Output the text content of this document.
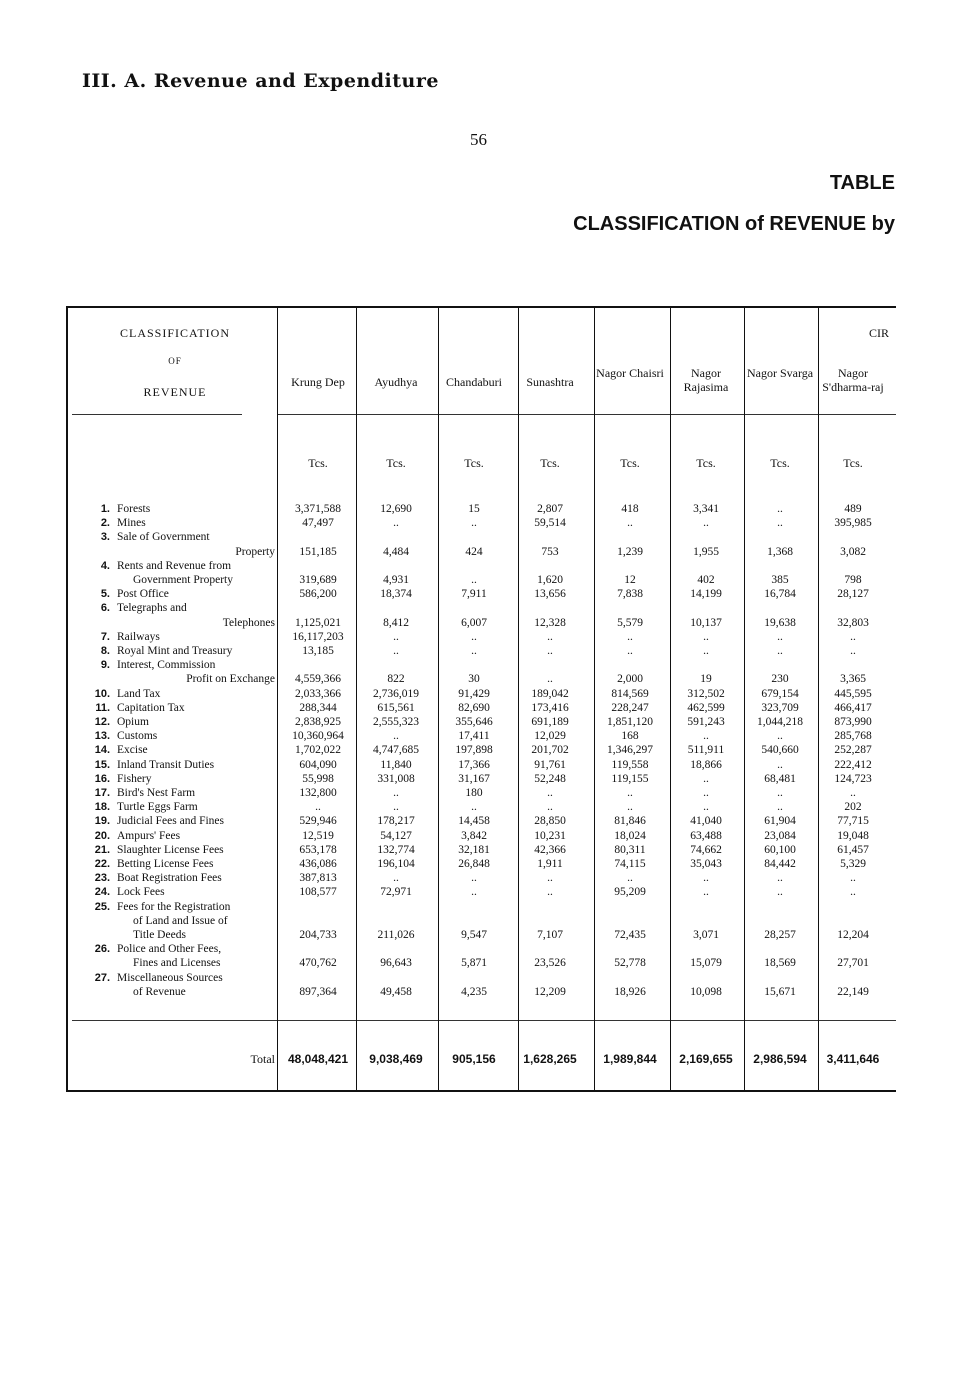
III. A. Revenue and Expenditure
56
TABLE
CLASSIFICATION of REVENUE by
CLASSIFICATION
OF
REVENUE
CIR
Krung Dep	Ayudhya	Chandaburi	Sunashtra
Nagor Chaisri	Nagor Rajasima
Nagor Svarga	Nagor S'dharma-raj
Tcs.	Tcs.	Tcs.	Tcs.	Tcs.	Tcs.	Tcs.	Tcs.
1. Forests	3,371,588	12,690	15	2,807	418	3,341	..	489
2. Mines	47,497	..	..	59,514	..	..	..	395,985
3. Sale of Government
Property	151,185	4,484	424	753	1,239	1,955	1,368	3,082
4. Rents and Revenue from
Government Property	319,689	4,931	..	1,620	12	402	385	798
5. Post Office	586,200	18,374	7,911	13,656	7,838	14,199	16,784	28,127
6. Telegraphs and
Telephones	1,125,021	8,412	6,007	12,328	5,579	10,137	19,638	32,803
7. Railways	16,117,203	..	..	..	..	..	..	..
8. Royal Mint and Treasury	13,185	..	..	..	..	..	..	..
9. Interest, Commission
Profit on Exchange	4,559,366	822	30	..	2,000	19	230	3,365
10. Land Tax	2,033,366	2,736,019	91,429	189,042	814,569	312,502	679,154	445,595
11. Capitation Tax	288,344	615,561	82,690	173,416	228,247	462,599	323,709	466,417
12. Opium	2,838,925	2,555,323	355,646	691,189	1,851,120	591,243	1,044,218	873,990
13. Customs	10,360,964	..	17,411	12,029	168	..	..	285,768
14. Excise	1,702,022	4,747,685	197,898	201,702	1,346,297	511,911	540,660	252,287
15. Inland Transit Duties	604,090	11,840	17,366	91,761	119,558	18,866	..	222,412
16. Fishery	55,998	331,008	31,167	52,248	119,155	..	68,481	124,723
17. Bird's Nest Farm	132,800	..	180	..	..	..	..	..
18. Turtle Eggs Farm	..	..	..	..	..	..	..	202
19. Judicial Fees and Fines	529,946	178,217	14,458	28,850	81,846	41,040	61,904	77,715
20. Ampurs' Fees	12,519	54,127	3,842	10,231	18,024	63,488	23,084	19,048
21. Slaughter License Fees	653,178	132,774	32,181	42,366	80,311	74,662	60,100	61,457
22. Betting License Fees	436,086	196,104	26,848	1,911	74,115	35,043	84,442	5,329
23. Boat Registration Fees	387,813	..	..	..	..	..	..	..
24. Lock Fees	108,577	72,971	..	..	95,209	..	..	..
25. Fees for the Registration
of Land and Issue of
Title Deeds	204,733	211,026	9,547	7,107	72,435	3,071	28,257	12,204
26. Police and Other Fees,
Fines and Licenses	470,762	96,643	5,871	23,526	52,778	15,079	18,569	27,701
27. Miscellaneous Sources
of Revenue	897,364	49,458	4,235	12,209	18,926	10,098	15,671	22,149
Total	48,048,421	9,038,469	905,156	1,628,265	1,989,844	2,169,655	2,986,594	3,411,646
